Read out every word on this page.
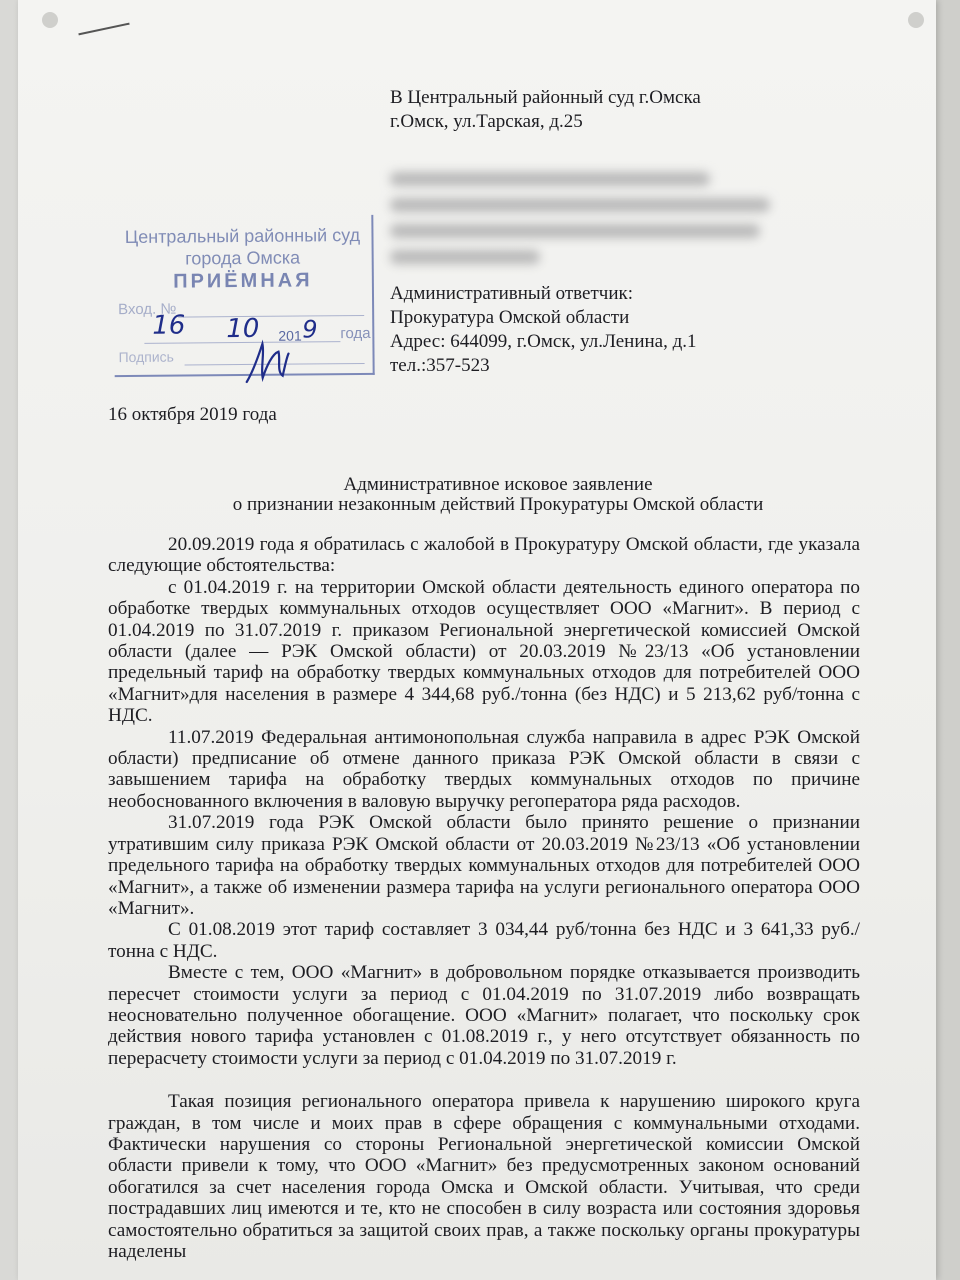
В Центральный районный суд г.Омска
г.Омск, ул.Тарская, д.25
Центральный районный суд
города Омска
ПРИЁМНАЯ
Вход. №
16 10 201 9 года
Подпись
Административный ответчик:
Прокуратура Омской области
Адрес: 644099, г.Омск, ул.Ленина, д.1
тел.:357-523
16 октября 2019 года
Административное исковое заявление
о признании незаконным действий Прокуратуры Омской области

20.09.2019 года я обратилась с жалобой в Прокуратуру Омской области, где указала следующие обстоятельства:

с 01.04.2019 г. на территории Омской области деятельность единого оператора по обработке твердых коммунальных отходов осуществляет ООО «Магнит». В период с 01.04.2019 по 31.07.2019 г. приказом Региональной энергетической комиссией Омской области (далее — РЭК Омской области) от 20.03.2019 №23/13 «Об установлении предельный тариф на обработку твердых коммунальных отходов для потребителей ООО «Магнит»для населения в размере 4 344,68 руб./тонна (без НДС) и 5 213,62 руб/тонна с НДС.

11.07.2019 Федеральная антимонопольная служба направила в адрес РЭК Омской области) предписание об отмене данного приказа РЭК Омской области в связи с завышением тарифа на обработку твердых коммунальных отходов по причине необоснованного включения в валовую выручку регоператора ряда расходов.

31.07.2019 года РЭК Омской области было принято решение о признании утратившим силу приказа РЭК Омской области от 20.03.2019 №23/13 «Об установлении предельного тарифа на обработку твердых коммунальных отходов для потребителей ООО «Магнит», а также об изменении размера тарифа на услуги регионального оператора ООО «Магнит».

С 01.08.2019 этот тариф составляет 3 034,44 руб/тонна без НДС и 3 641,33 руб./тонна с НДС.

Вместе с тем, ООО «Магнит» в добровольном порядке отказывается производить пересчет стоимости услуги за период с 01.04.2019 по 31.07.2019 либо возвращать неосновательно полученное обогащение. ООО «Магнит» полагает, что поскольку срок действия нового тарифа установлен с 01.08.2019 г., у него отсутствует обязанность по перерасчету стоимости услуги за период с 01.04.2019 по 31.07.2019 г.

Такая позиция регионального оператора привела к нарушению широкого круга граждан, в том числе и моих прав в сфере обращения с коммунальными отходами. Фактически нарушения со стороны Региональной энергетической комиссии Омской области привели к тому, что ООО «Магнит» без предусмотренных законом оснований обогатился за счет населения города Омска и Омской области. Учитывая, что среди пострадавших лиц имеются и те, кто не способен в силу возраста или состояния здоровья самостоятельно обратиться за защитой своих прав, а также поскольку органы прокуратуры наделены
